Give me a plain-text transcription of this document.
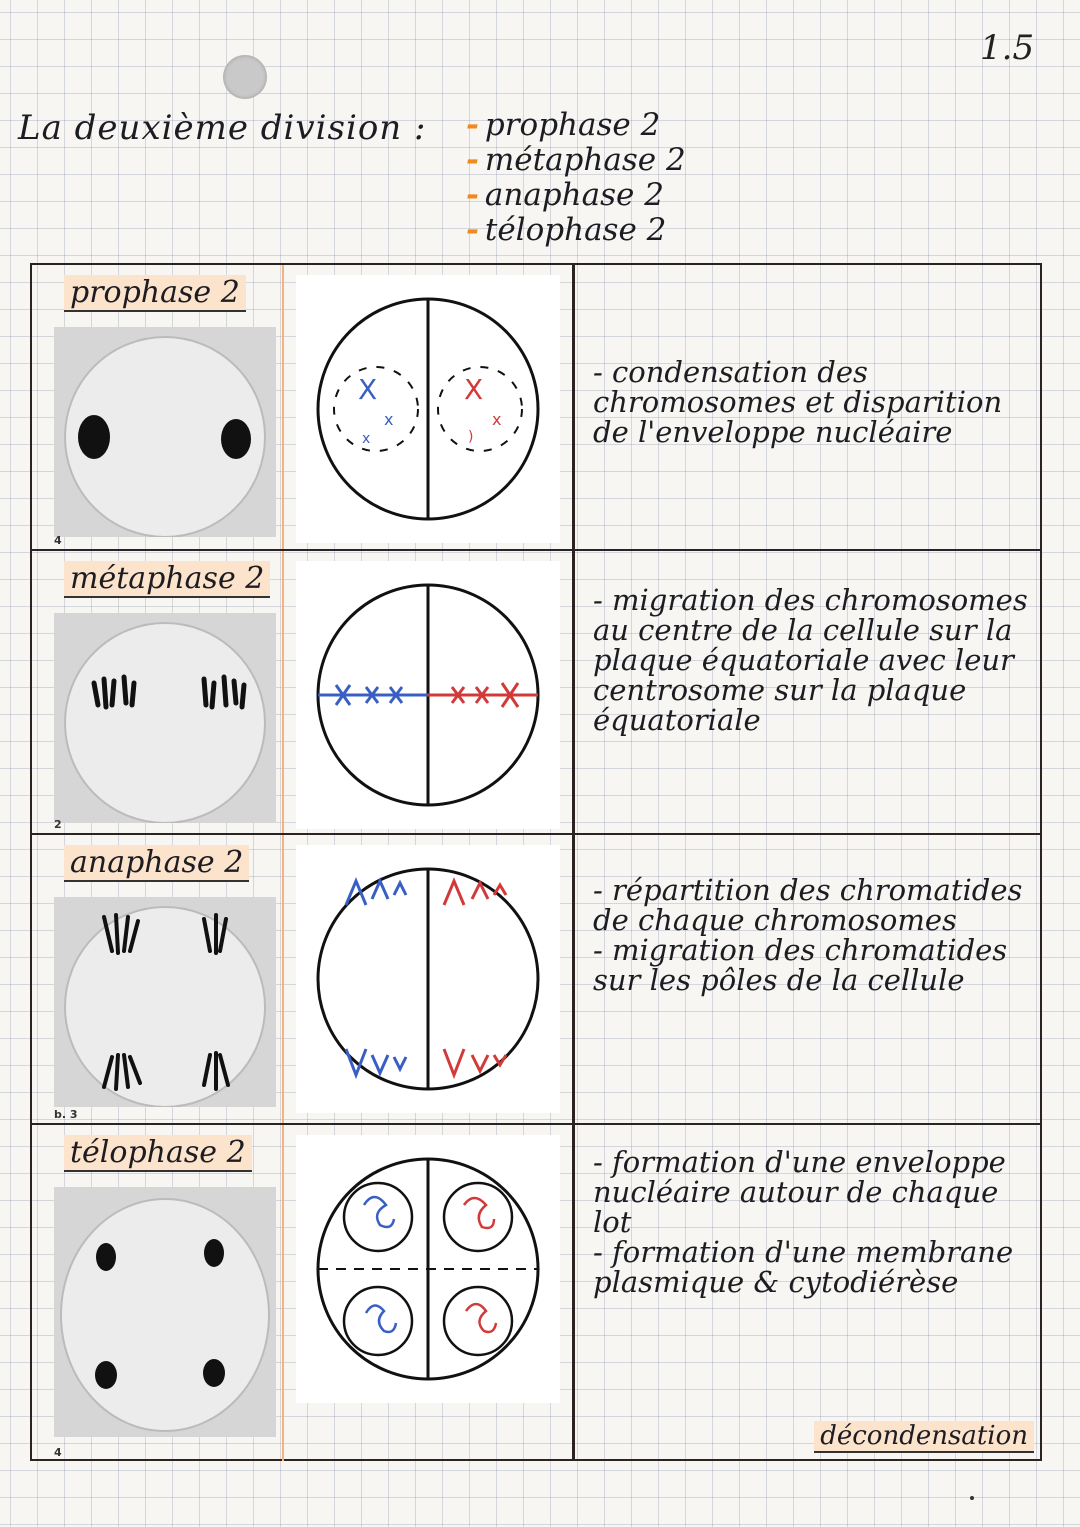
1.5
La deuxième division : - prophase 2
- métaphase 2
- anaphase 2
- télophase 2
prophase 2
4
X
x
x
X
x
)

- condensation des chromosomes et disparition de l'enveloppe nucléaire

métaphase 2
2

- migration des chromosomes au centre de la cellule sur la plaque équatoriale avec leur centrosome sur la plaque équatoriale

anaphase 2
b. 3

- répartition des chromatides de chaque chromosomes
- migration des chromatides sur les pôles de la cellule

télophase 2
4

- formation d'une enveloppe nucléaire autour de chaque lot
- formation d'une membrane plasmique & cytodiérèse

décondensation
